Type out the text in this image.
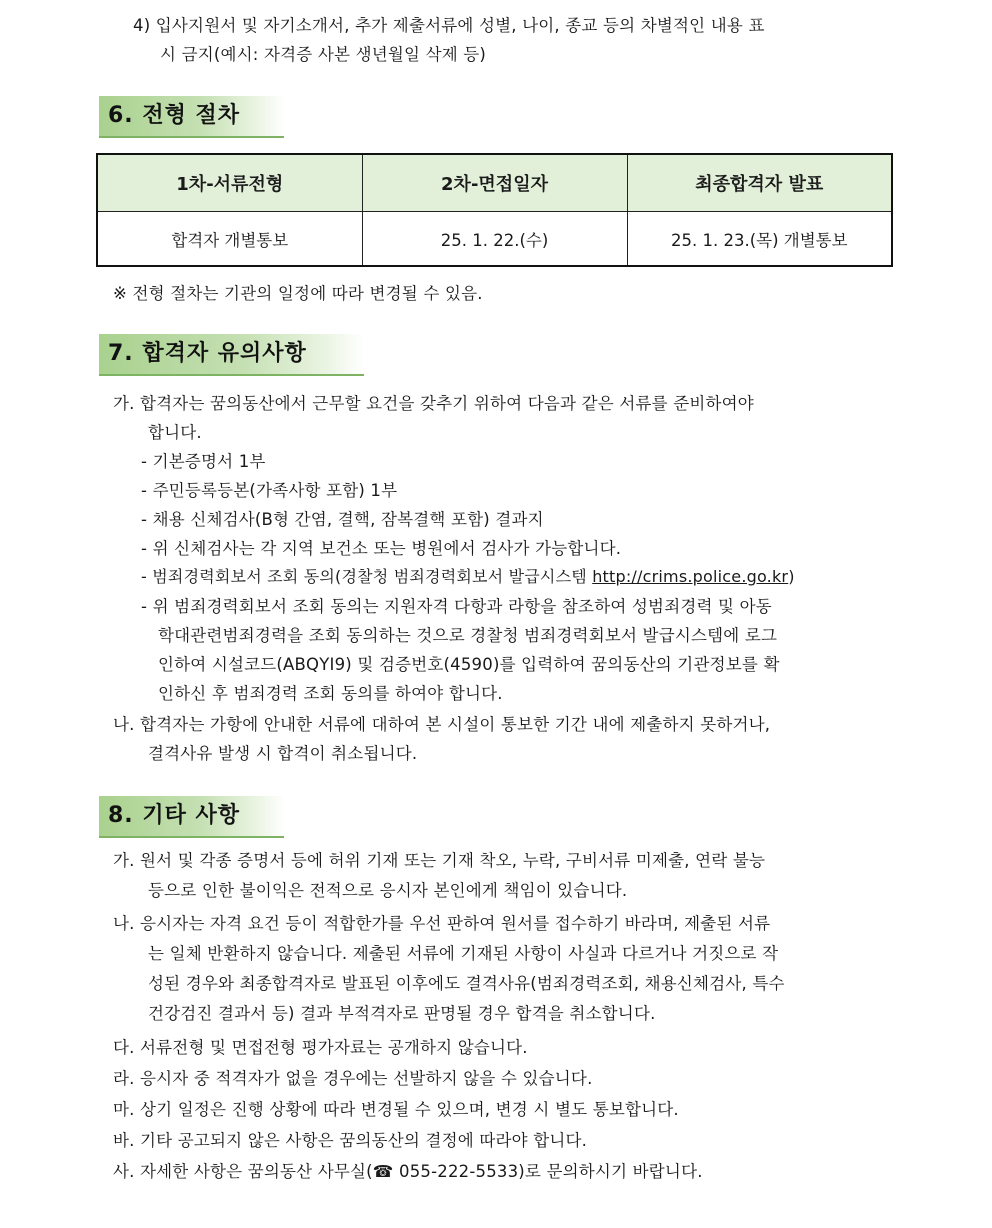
4) 입사지원서 및 자기소개서, 추가 제출서류에 성별, 나이, 종교 등의 차별적인 내용 표
시 금지(예시: 자격증 사본 생년월일 삭제 등)
6. 전형 절차
1차-서류전형	2차-면접일자	최종합격자 발표
합격자 개별통보	25. 1. 22.(수)	25. 1. 23.(목) 개별통보
※ 전형 절차는 기관의 일정에 따라 변경될 수 있음.
7. 합격자 유의사항
가. 합격자는 꿈의동산에서 근무할 요건을 갖추기 위하여 다음과 같은 서류를 준비하여야
합니다.
- 기본증명서 1부
- 주민등록등본(가족사항 포함) 1부
- 채용 신체검사(B형 간염, 결핵, 잠복결핵 포함) 결과지
- 위 신체검사는 각 지역 보건소 또는 병원에서 검사가 가능합니다.
- 범죄경력회보서 조회 동의(경찰청 범죄경력회보서 발급시스템 http://crims.police.go.kr)
- 위 범죄경력회보서 조회 동의는 지원자격 다항과 라항을 참조하여 성범죄경력 및 아동
학대관련범죄경력을 조회 동의하는 것으로 경찰청 범죄경력회보서 발급시스템에 로그
인하여 시설코드(ABQYI9) 및 검증번호(4590)를 입력하여 꿈의동산의 기관정보를 확
인하신 후 범죄경력 조회 동의를 하여야 합니다.
나. 합격자는 가항에 안내한 서류에 대하여 본 시설이 통보한 기간 내에 제출하지 못하거나,
결격사유 발생 시 합격이 취소됩니다.
8. 기타 사항
가. 원서 및 각종 증명서 등에 허위 기재 또는 기재 착오, 누락, 구비서류 미제출, 연락 불능
등으로 인한 불이익은 전적으로 응시자 본인에게 책임이 있습니다.
나. 응시자는 자격 요건 등이 적합한가를 우선 판하여 원서를 접수하기 바라며, 제출된 서류
는 일체 반환하지 않습니다. 제출된 서류에 기재된 사항이 사실과 다르거나 거짓으로 작
성된 경우와 최종합격자로 발표된 이후에도 결격사유(범죄경력조회, 채용신체검사, 특수
건강검진 결과서 등) 결과 부적격자로 판명될 경우 합격을 취소합니다.
다. 서류전형 및 면접전형 평가자료는 공개하지 않습니다.
라. 응시자 중 적격자가 없을 경우에는 선발하지 않을 수 있습니다.
마. 상기 일정은 진행 상황에 따라 변경될 수 있으며, 변경 시 별도 통보합니다.
바. 기타 공고되지 않은 사항은 꿈의동산의 결정에 따라야 합니다.
사. 자세한 사항은 꿈의동산 사무실(☎ 055-222-5533)로 문의하시기 바랍니다.
